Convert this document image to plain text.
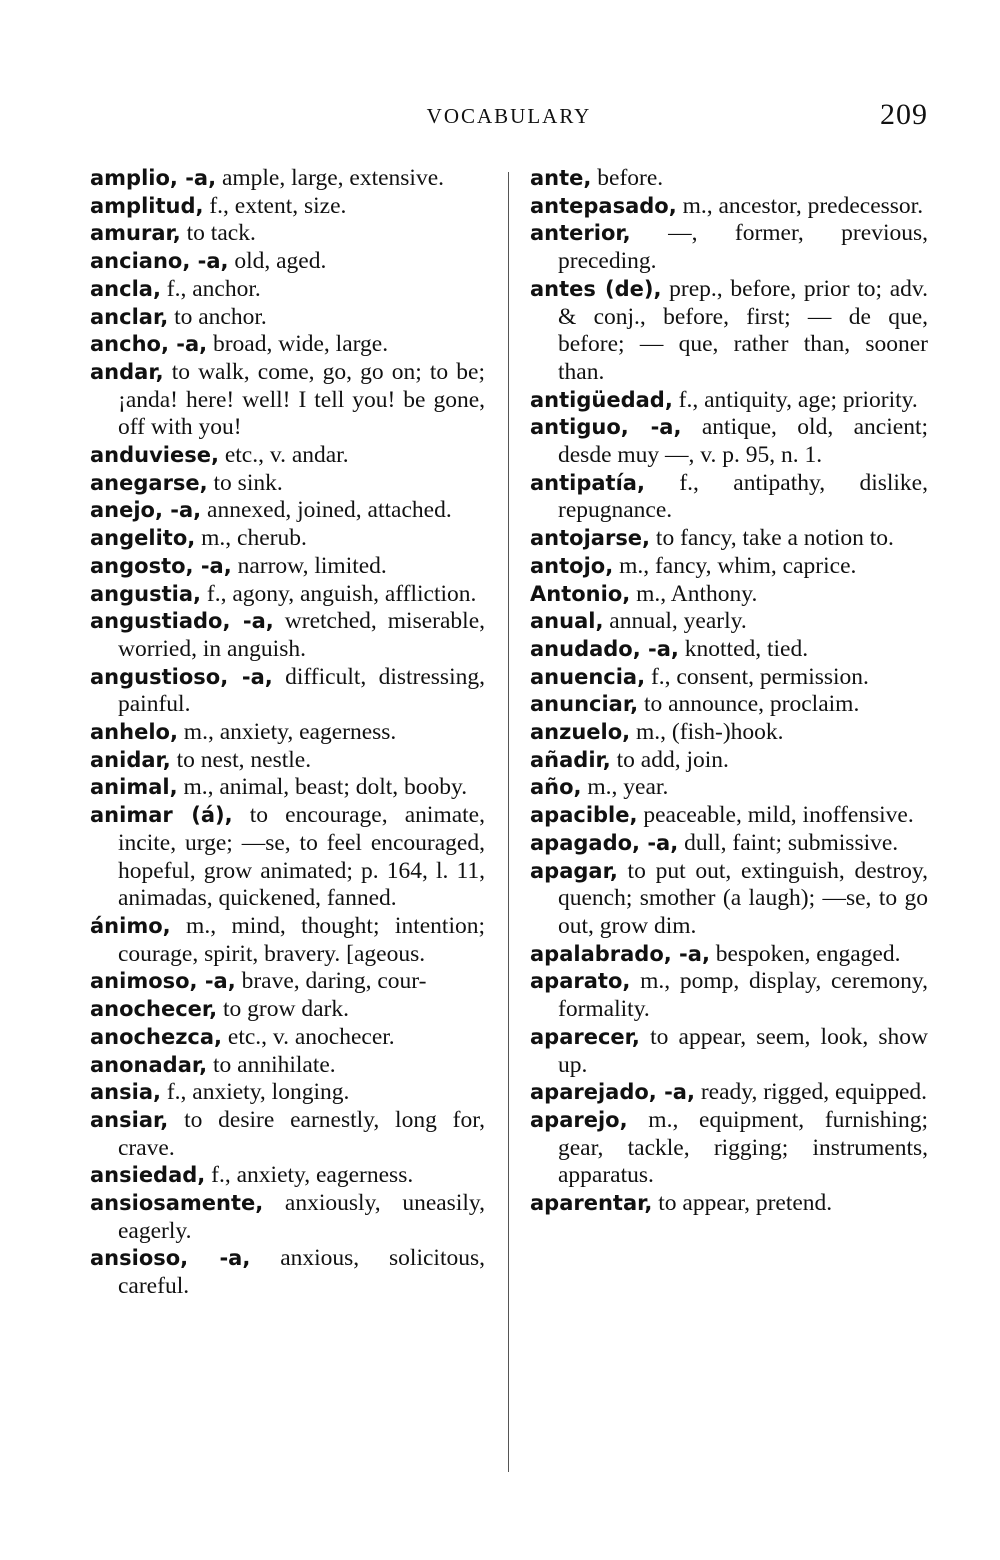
VOCABULARY	209

amplio, -a, ample, large, extensive.

amplitud, f., extent, size.

amurar, to tack.

anciano, -a, old, aged.

ancla, f., anchor.

anclar, to anchor.

ancho, -a, broad, wide, large.

andar, to walk, come, go, go on; to be; ¡anda! here! well! I tell you! be gone, off with you!

anduviese, etc., v. andar.

anegarse, to sink.

anejo, -a, annexed, joined, attached.

angelito, m., cherub.

angosto, -a, narrow, limited.

angustia, f., agony, anguish, affliction.

angustiado, -a, wretched, miserable, worried, in anguish.

angustioso, -a, difficult, distressing, painful.

anhelo, m., anxiety, eagerness.

anidar, to nest, nestle.

animal, m., animal, beast; dolt, booby.

animar (á), to encourage, animate, incite, urge; —se, to feel encouraged, hopeful, grow animated; p. 164, l. 11, animadas, quickened, fanned.

ánimo, m., mind, thought; intention; courage, spirit, bravery. [ageous.

animoso, -a, brave, daring, cour-

anochecer, to grow dark.

anochezca, etc., v. anochecer.

anonadar, to annihilate.

ansia, f., anxiety, longing.

ansiar, to desire earnestly, long for, crave.

ansiedad, f., anxiety, eagerness.

ansiosamente, anxiously, uneasily, eagerly.

ansioso, -a, anxious, solicitous, careful.

ante, before.

antepasado, m., ancestor, predecessor.

anterior, —, former, previous, preceding.

antes (de), prep., before, prior to; adv. & conj., before, first; — de que, before; — que, rather than, sooner than.

antigüedad, f., antiquity, age; priority.

antiguo, -a, antique, old, ancient; desde muy —, v. p. 95, n. 1.

antipatía, f., antipathy, dislike, repugnance.

antojarse, to fancy, take a notion to.

antojo, m., fancy, whim, caprice.

Antonio, m., Anthony.

anual, annual, yearly.

anudado, -a, knotted, tied.

anuencia, f., consent, permission.

anunciar, to announce, proclaim.

anzuelo, m., (fish-)hook.

añadir, to add, join.

año, m., year.

apacible, peaceable, mild, inoffensive.

apagado, -a, dull, faint; submissive.

apagar, to put out, extinguish, destroy, quench; smother (a laugh); —se, to go out, grow dim.

apalabrado, -a, bespoken, engaged.

aparato, m., pomp, display, ceremony, formality.

aparecer, to appear, seem, look, show up.

aparejado, -a, ready, rigged, equipped.

aparejo, m., equipment, furnishing; gear, tackle, rigging; instruments, apparatus.

aparentar, to appear, pretend.
